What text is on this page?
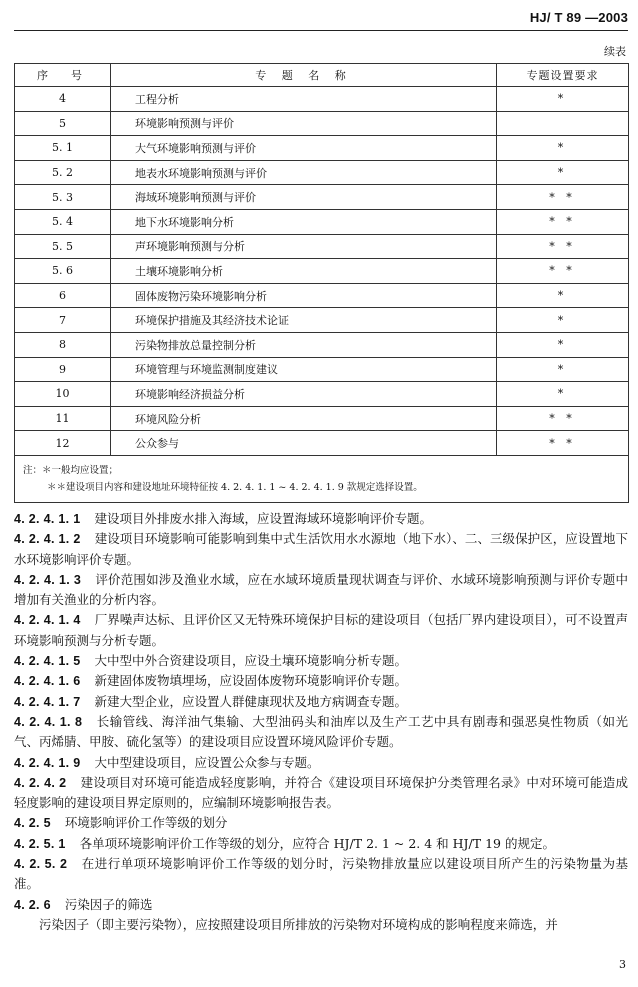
HJ/ T 89 —2003
续表
序　号	专 题 名 称	专题设置要求
4	工程分析	*
5	环境影响预测与评价	
5. 1	大气环境影响预测与评价	*
5. 2	地表水环境影响预测与评价	*
5. 3	海域环境影响预测与评价	* *
5. 4	地下水环境影响分析	* *
5. 5	声环境影响预测与分析	* *
5. 6	土壤环境影响分析	* *
6	固体废物污染环境影响分析	*
7	环境保护措施及其经济技术论证	*
8	污染物排放总量控制分析	*
9	环境管理与环境监测制度建议	*
10	环境影响经济损益分析	*
11	环境风险分析	* *
12	公众参与	* *

注：＊一般均应设置；
＊＊建设项目内容和建设地址环境特征按 4. 2. 4. 1. 1 ~ 4. 2. 4. 1. 9 款规定选择设置。		

4. 2. 4. 1. 1 建设项目外排废水排入海域，应设置海域环境影响评价专题。

4. 2. 4. 1. 2 建设项目环境影响可能影响到集中式生活饮用水水源地（地下水）、二、三级保护区，应设置地下水环境影响评价专题。

4. 2. 4. 1. 3 评价范围如涉及渔业水域，应在水域环境质量现状调查与评价、水域环境影响预测与评价专题中增加有关渔业的分析内容。

4. 2. 4. 1. 4 厂界噪声达标、且评价区又无特殊环境保护目标的建设项目（包括厂界内建设项目），可不设置声环境影响预测与分析专题。

4. 2. 4. 1. 5 大中型中外合资建设项目，应设土壤环境影响分析专题。

4. 2. 4. 1. 6 新建固体废物填埋场，应设固体废物环境影响评价专题。

4. 2. 4. 1. 7 新建大型企业，应设置人群健康现状及地方病调查专题。

4. 2. 4. 1. 8 长输管线、海洋油气集输、大型油码头和油库以及生产工艺中具有剧毒和强恶臭性物质（如光气、丙烯腈、甲胺、硫化氢等）的建设项目应设置环境风险评价专题。

4. 2. 4. 1. 9 大中型建设项目，应设置公众参与专题。

4. 2. 4. 2 建设项目对环境可能造成轻度影响，并符合《建设项目环境保护分类管理名录》中对环境可能造成轻度影响的建设项目界定原则的，应编制环境影响报告表。

4. 2. 5 环境影响评价工作等级的划分

4. 2. 5. 1 各单项环境影响评价工作等级的划分，应符合 HJ/T 2. 1 ~ 2. 4 和 HJ/T 19 的规定。

4. 2. 5. 2 在进行单项环境影响评价工作等级的划分时，污染物排放量应以建设项目所产生的污染物量为基准。

4. 2. 6 污染因子的筛选

污染因子（即主要污染物），应按照建设项目所排放的污染物对环境构成的影响程度来筛选，并

3
